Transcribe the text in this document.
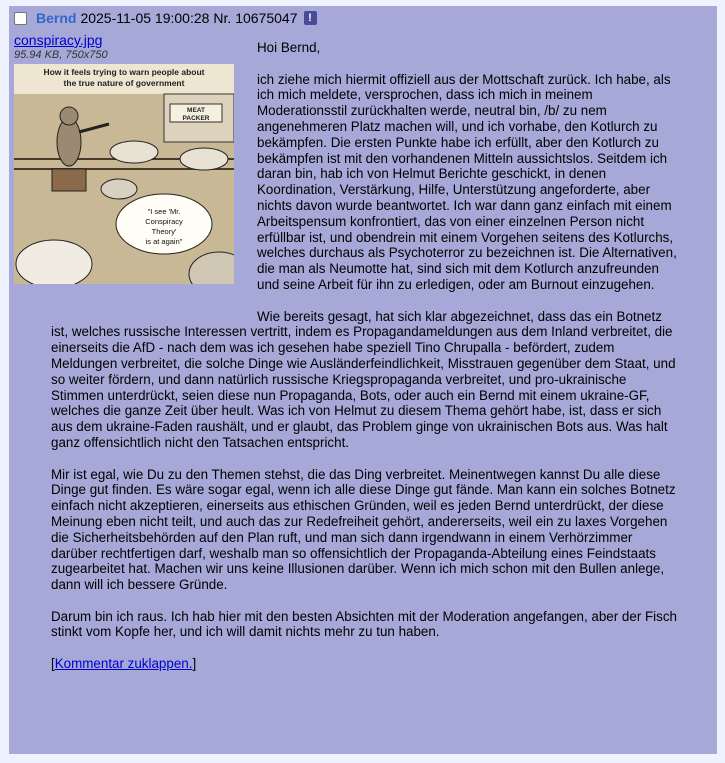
Bernd 2025-11-05 19:00:28 Nr. 10675047 !
conspiracy.jpg
95.94 KB, 750x750
How it feels trying to warn people about
the true nature of government
MEAT
PACKER
"I see 'Mr.
Conspiracy
Theory'
is at again"

Hoi Bernd,

ich ziehe mich hiermit offiziell aus der Mottschaft zurück. Ich habe, als ich mich meldete, versprochen, dass ich mich in meinem Moderationsstil zurückhalten werde, neutral bin, /b/ zu nem angenehmeren Platz machen will, und ich vorhabe, den Kotlurch zu bekämpfen. Die ersten Punkte habe ich erfüllt, aber den Kotlurch zu bekämpfen ist mit den vorhandenen Mitteln aussichtslos. Seitdem ich daran bin, hab ich von Helmut Berichte geschickt, in denen Koordination, Verstärkung, Hilfe, Unterstützung angeforderte, aber nichts davon wurde beantwortet. Ich war dann ganz einfach mit einem Arbeitspensum konfrontiert, das von einer einzelnen Person nicht erfüllbar ist, und obendrein mit einem Vorgehen seitens des Kotlurchs, welches durchaus als Psychoterror zu bezeichnen ist. Die Alternativen, die man als Neumotte hat, sind sich mit dem Kotlurch anzufreunden und seine Arbeit für ihn zu erledigen, oder am Burnout einzugehen.

Wie bereits gesagt, hat sich klar abgezeichnet, dass das ein Botnetz ist, welches russische Interessen vertritt, indem es Propagandameldungen aus dem Inland verbreitet, die einerseits die AfD - nach dem was ich gesehen habe speziell Tino Chrupalla - befördert, zudem Meldungen verbreitet, die solche Dinge wie Ausländerfeindlichkeit, Misstrauen gegenüber dem Staat, und so weiter fördern, und dann natürlich russische Kriegspropaganda verbreitet, und pro-ukrainische Stimmen unterdrückt, seien diese nun Propaganda, Bots, oder auch ein Bernd mit einem ukraine-GF, welches die ganze Zeit über heult. Was ich von Helmut zu diesem Thema gehört habe, ist, dass er sich aus dem ukraine-Faden raushält, und er glaubt, das Problem ginge von ukrainischen Bots aus. Was halt ganz offensichtlich nicht den Tatsachen entspricht.

Mir ist egal, wie Du zu den Themen stehst, die das Ding verbreitet. Meinentwegen kannst Du alle diese Dinge gut finden. Es wäre sogar egal, wenn ich alle diese Dinge gut fände. Man kann ein solches Botnetz einfach nicht akzeptieren, einerseits aus ethischen Gründen, weil es jeden Bernd unterdrückt, der diese Meinung eben nicht teilt, und auch das zur Redefreiheit gehört, andererseits, weil ein zu laxes Vorgehen die Sicherheitsbehörden auf den Plan ruft, und man sich dann irgendwann in einem Verhörzimmer darüber rechtfertigen darf, weshalb man so offensichtlich der Propaganda-Abteilung eines Feindstaats zugearbeitet hat. Machen wir uns keine Illusionen darüber. Wenn ich mich schon mit den Bullen anlege, dann will ich bessere Gründe.

Darum bin ich raus. Ich hab hier mit den besten Absichten mit der Moderation angefangen, aber der Fisch stinkt vom Kopfe her, und ich will damit nichts mehr zu tun haben.

[Kommentar zuklappen.]
